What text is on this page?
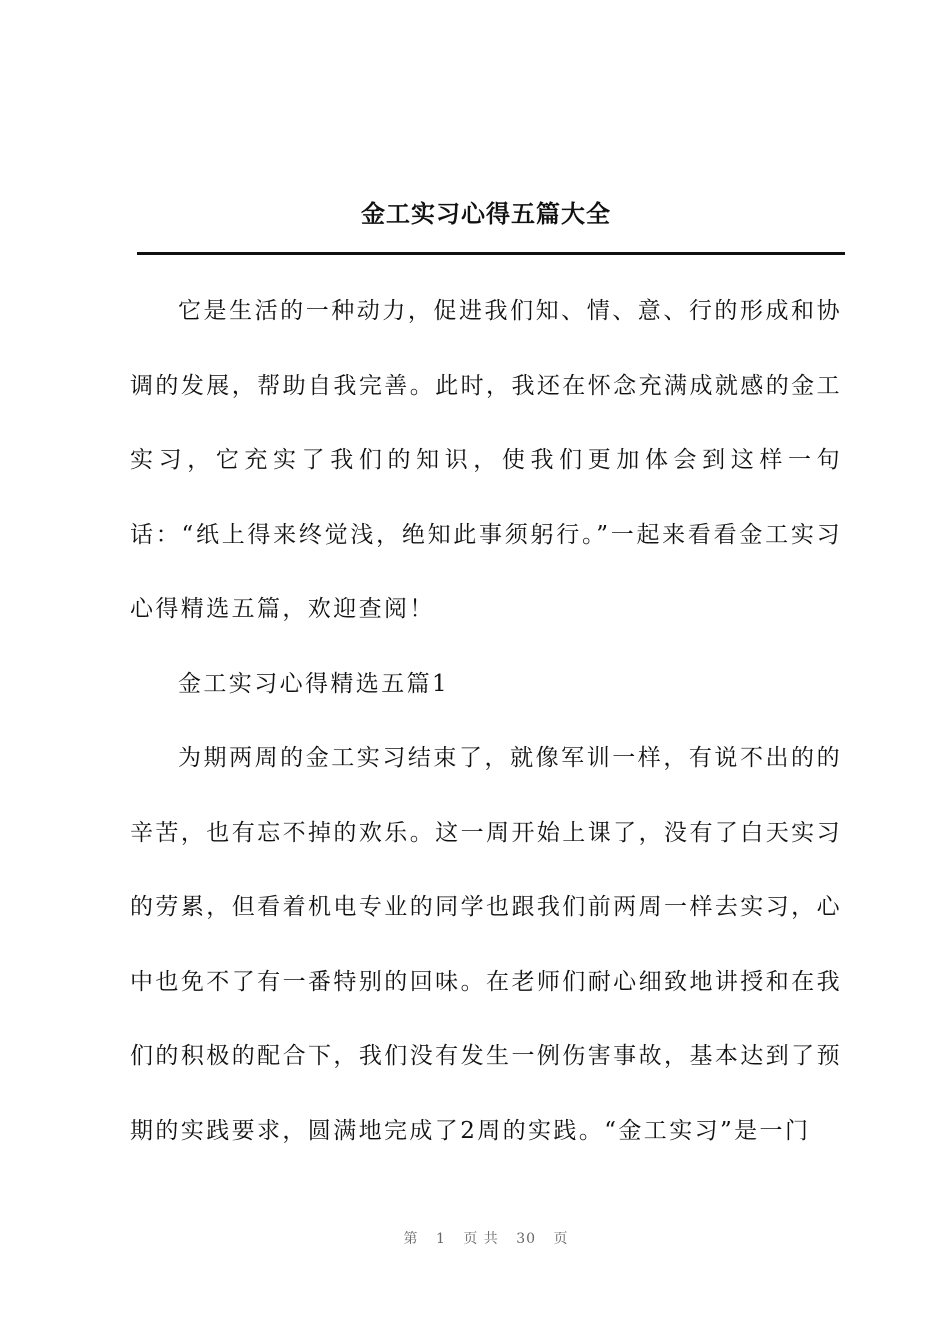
金工实习心得五篇大全

它是生活的一种动力，促进我们知、情、意、行的形成和协调的发展，帮助自我完善。此时，我还在怀念充满成就感的金工实习，它充实了我们的知识，使我们更加体会到这样一句话：“纸上得来终觉浅，绝知此事须躬行。”一起来看看金工实习心得精选五篇，欢迎查阅！

金工实习心得精选五篇1

为期两周的金工实习结束了，就像军训一样，有说不出的的辛苦，也有忘不掉的欢乐。这一周开始上课了，没有了白天实习的劳累，但看着机电专业的同学也跟我们前两周一样去实习，心中也免不了有一番特别的回味。在老师们耐心细致地讲授和在我们的积极的配合下，我们没有发生一例伤害事故，基本达到了预期的实践要求，圆满地完成了2周的实践。“金工实习”是一门

第 1 页 共 30 页
